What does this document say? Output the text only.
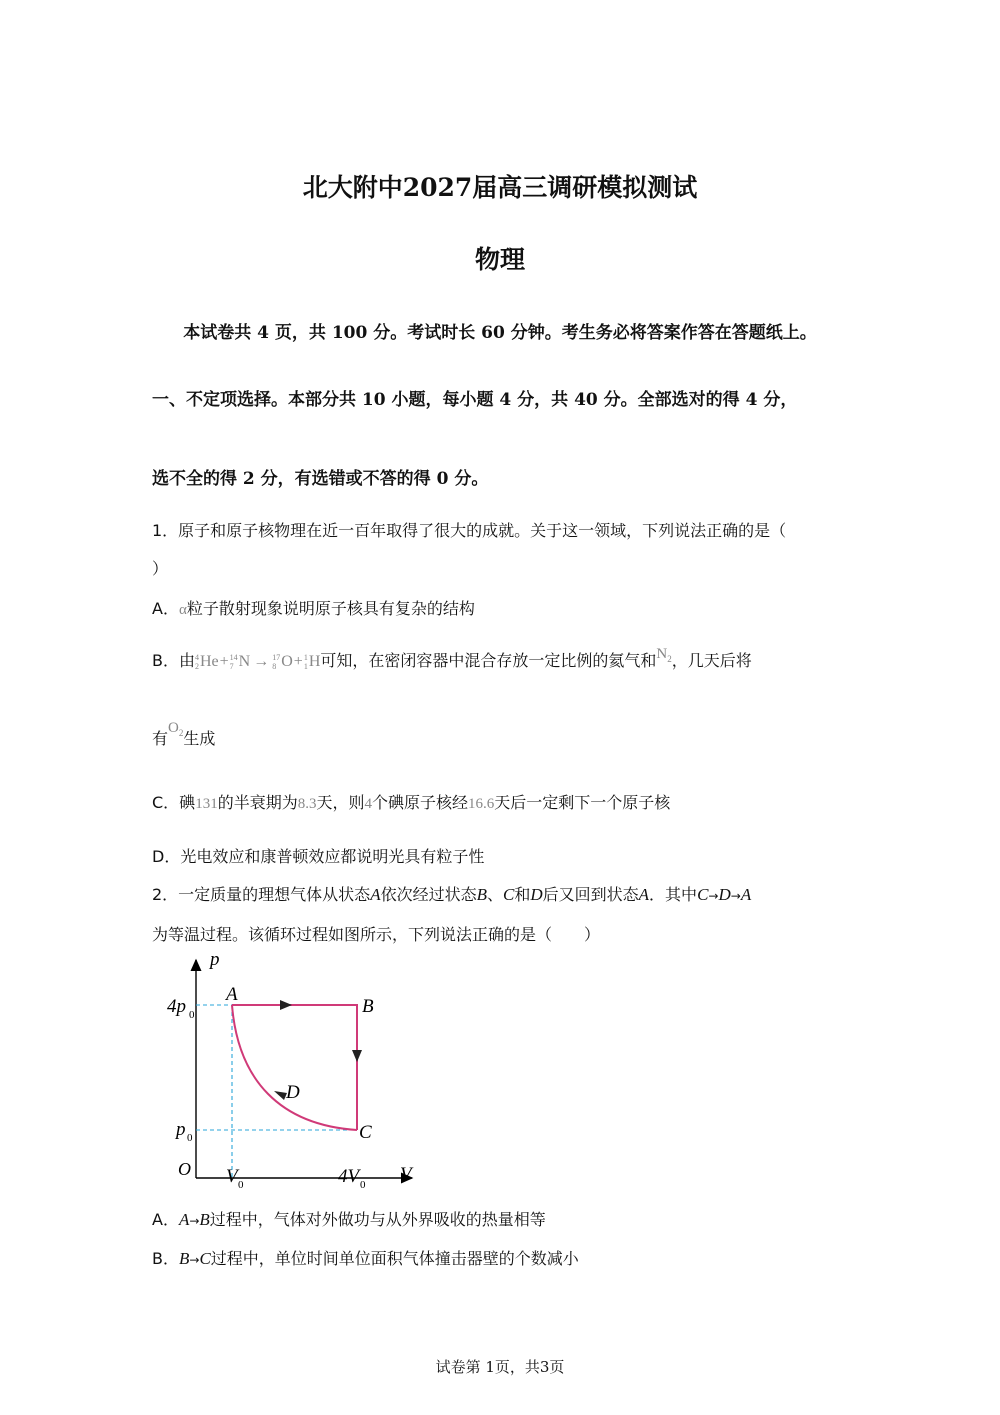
北大附中2027届高三调研模拟测试
物理
本试卷共 4 页，共 100 分。考试时长 60 分钟。考生务必将答案作答在答题纸上。
一、不定项选择。本部分共 10 小题，每小题 4 分，共 40 分。全部选对的得 4 分，
选不全的得 2 分，有选错或不答的得 0 分。
1．原子和原子核物理在近一百年取得了很大的成就。关于这一领域，下列说法正确的是（
）
A．α粒子散射现象说明原子核具有复杂的结构
B．由 4
2 He+ 14
7 N → 17
8 O+ 1
1 H可知，在密闭容器中混合存放一定比例的氦气和$N_2$，几天后将
有$O_2$生成
C．碘131的半衰期为8.3天，则4个碘原子核经16.6天后一定剩下一个原子核
D．光电效应和康普顿效应都说明光具有粒子性
2．一定质量的理想气体从状态A依次经过状态B、C和D后又回到状态A．其中C→D→A
为等温过程。该循环过程如图所示，下列说法正确的是（　　）
p
V
O
4p 0
p 0
V 0	4V 0
A
B
C
D
A．A→B过程中，气体对外做功与从外界吸收的热量相等
B．B→C过程中，单位时间单位面积气体撞击器壁的个数减小
试卷第 1页，共3页
